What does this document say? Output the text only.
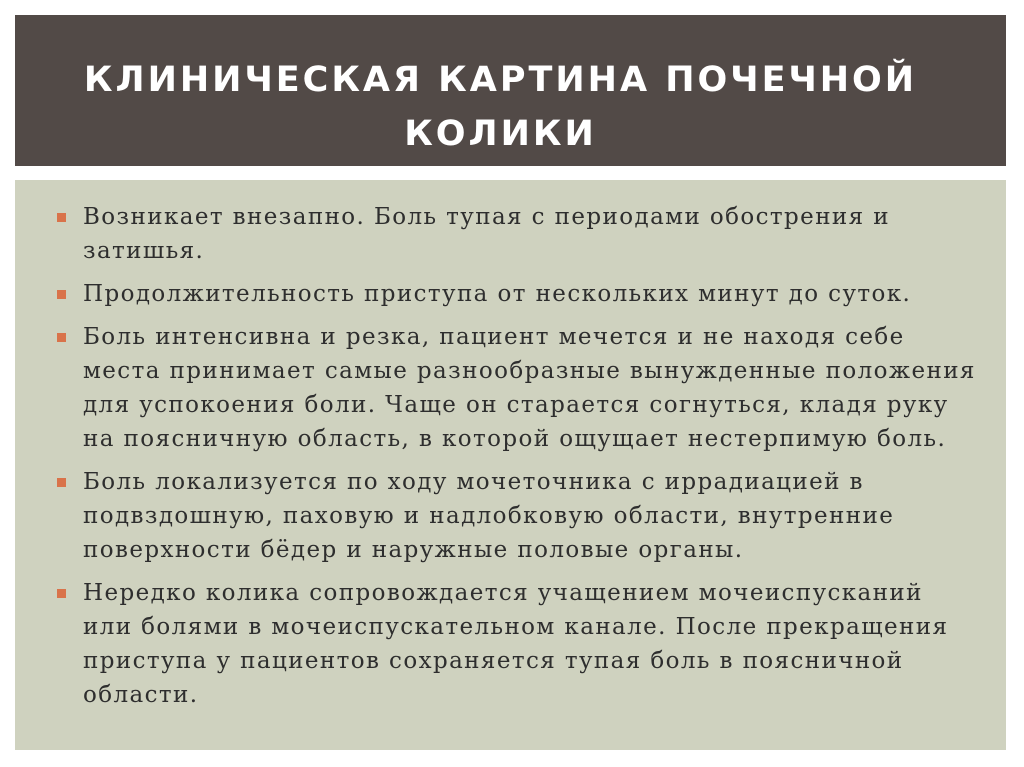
КЛИНИЧЕСКАЯ КАРТИНА ПОЧЕЧНОЙ КОЛИКИ
Возникает внезапно. Боль тупая с периодами обострения и затишья.
Продолжительность приступа от нескольких минут до суток.
Боль интенсивна и резка, пациент мечется и не находя себе места принимает самые разнообразные вынужденные положения для успокоения боли. Чаще он старается согнуться, кладя руку на поясничную область, в которой ощущает нестерпимую боль.
Боль локализуется по ходу мочеточника с иррадиацией в подвздошную, паховую и надлобковую области, внутренние поверхности бёдер и наружные половые органы.
Нередко колика сопровождается учащением мочеиспусканий или болями в мочеиспускательном канале. После прекращения приступа у пациентов сохраняется тупая боль в поясничной области.
